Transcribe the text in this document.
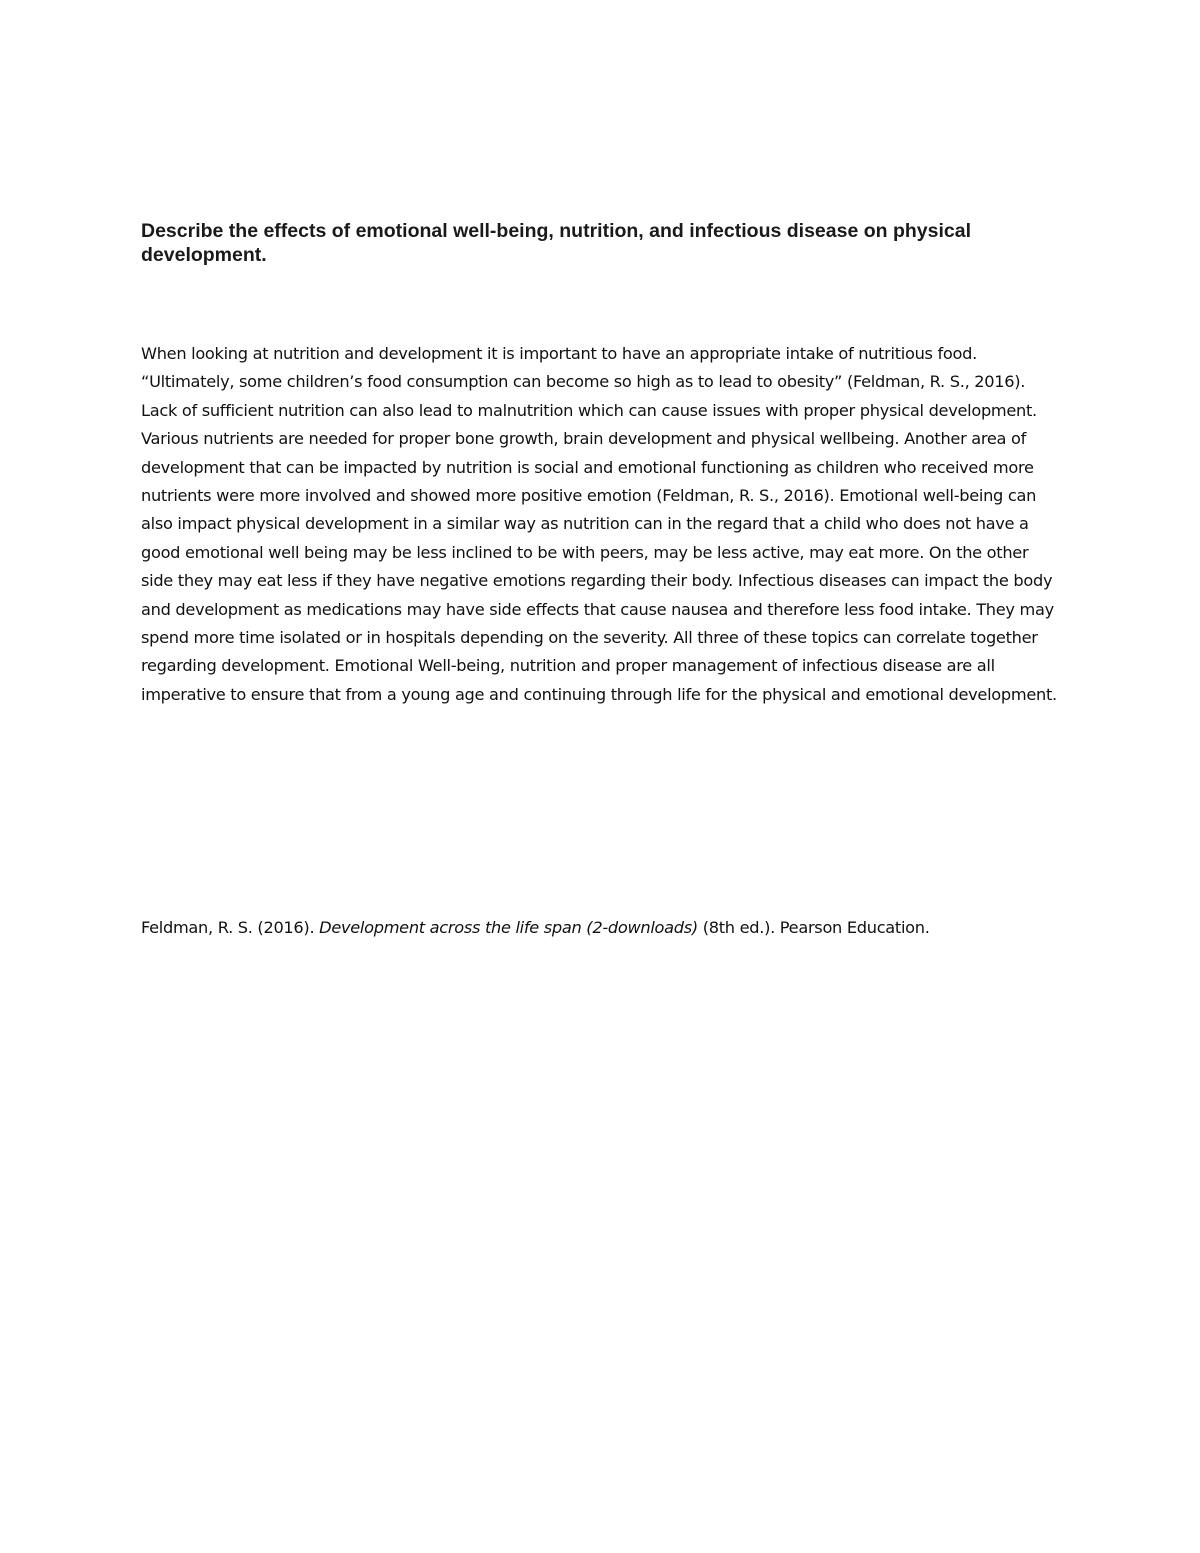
Describe the effects of emotional well-being, nutrition, and infectious disease on physical development.

When looking at nutrition and development it is important to have an appropriate intake of nutritious food. “Ultimately, some children’s food consumption can become so high as to lead to obesity” (Feldman, R. S., 2016). Lack of sufficient nutrition can also lead to malnutrition which can cause issues with proper physical development. Various nutrients are needed for proper bone growth, brain development and physical wellbeing. Another area of development that can be impacted by nutrition is social and emotional functioning as children who received more nutrients were more involved and showed more positive emotion (Feldman, R. S., 2016). Emotional well-being can also impact physical development in a similar way as nutrition can in the regard that a child who does not have a good emotional well being may be less inclined to be with peers, may be less active, may eat more. On the other side they may eat less if they have negative emotions regarding their body. Infectious diseases can impact the body and development as medications may have side effects that cause nausea and therefore less food intake. They may spend more time isolated or in hospitals depending on the severity. All three of these topics can correlate together regarding development. Emotional Well-being, nutrition and proper management of infectious disease are all imperative to ensure that from a young age and continuing through life for the physical and emotional development.

Feldman, R. S. (2016). Development across the life span (2-downloads) (8th ed.). Pearson Education.
